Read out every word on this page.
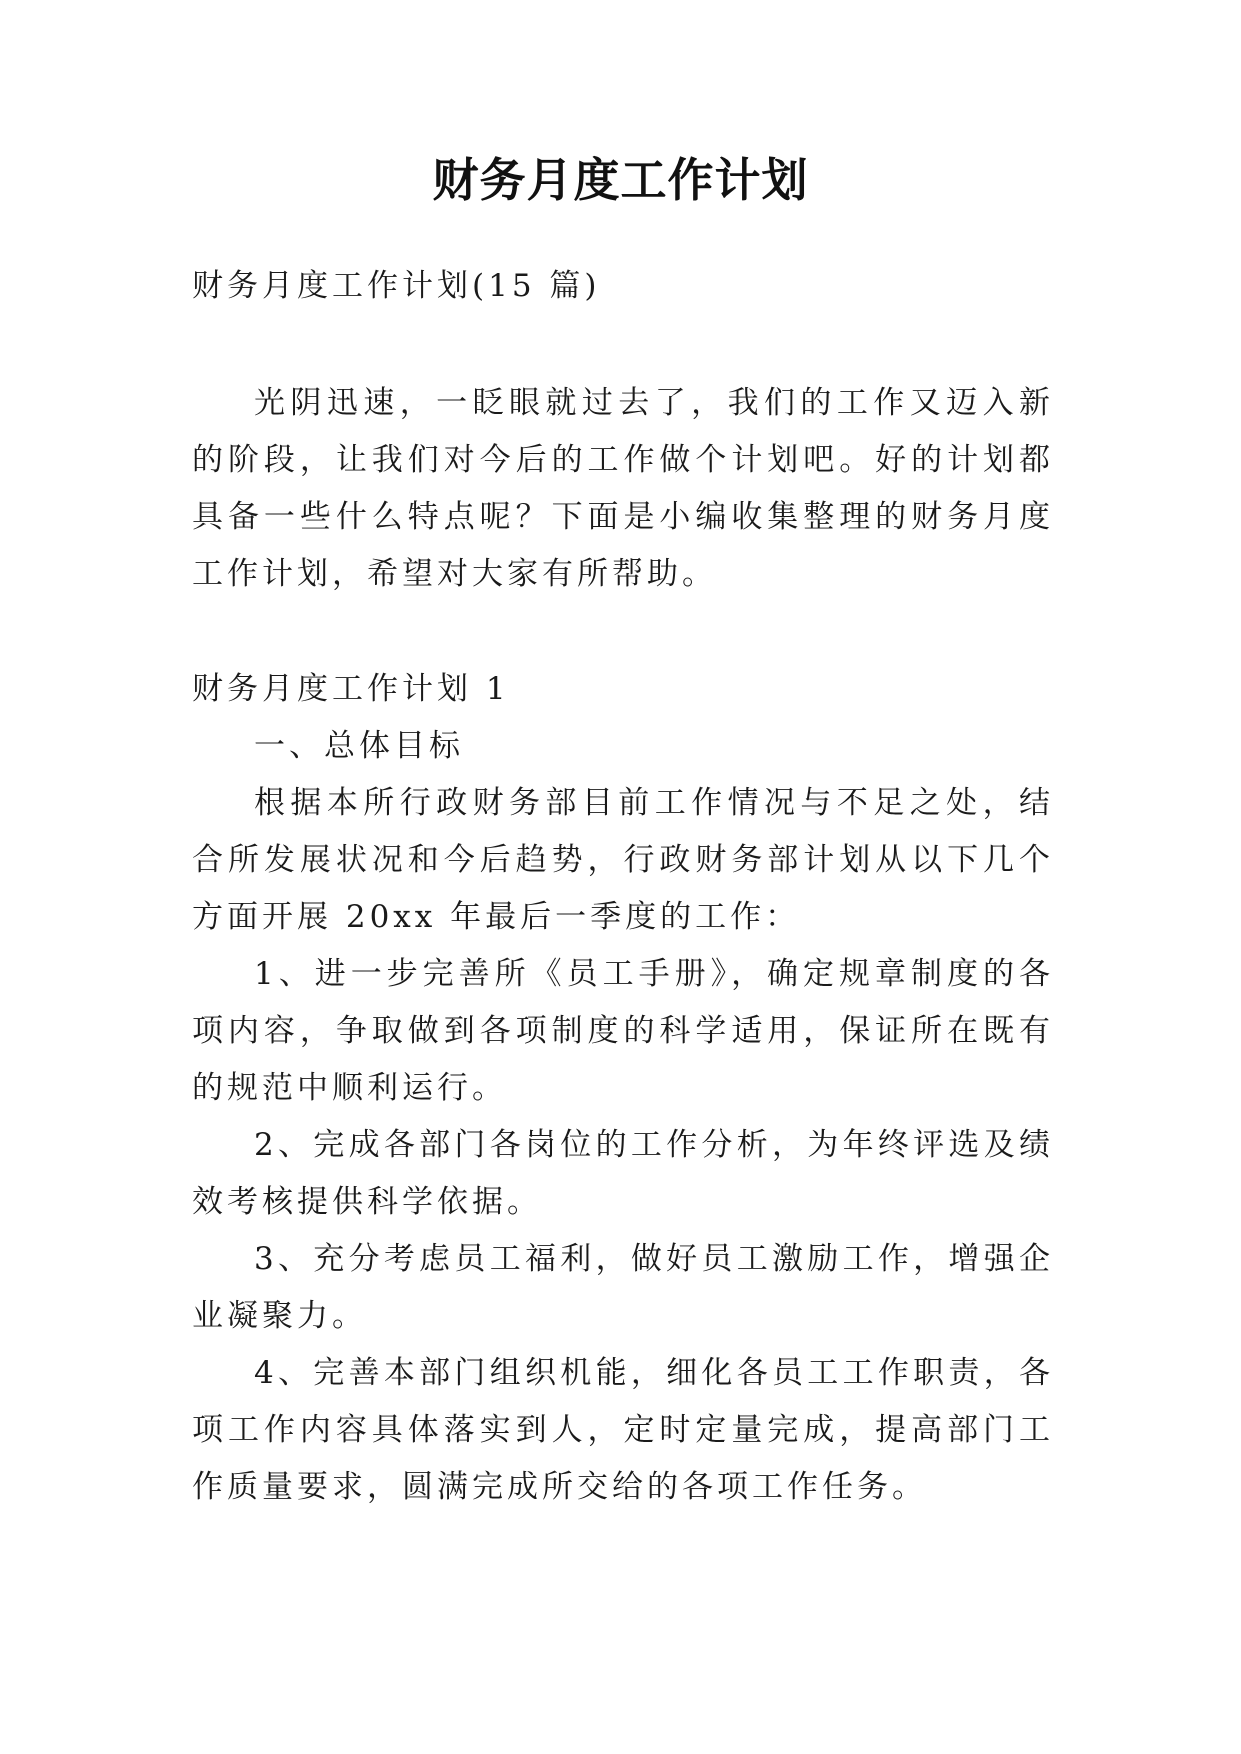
财务月度工作计划

财务月度工作计划(15 篇)

光阴迅速，一眨眼就过去了，我们的工作又迈入新的阶段，让我们对今后的工作做个计划吧。好的计划都具备一些什么特点呢？下面是小编收集整理的财务月度工作计划，希望对大家有所帮助。

财务月度工作计划 1

一、总体目标

根据本所行政财务部目前工作情况与不足之处，结合所发展状况和今后趋势，行政财务部计划从以下几个方面开展 20xx 年最后一季度的工作：

1、进一步完善所《员工手册》，确定规章制度的各项内容，争取做到各项制度的科学适用，保证所在既有的规范中顺利运行。

2、完成各部门各岗位的工作分析，为年终评选及绩效考核提供科学依据。

3、充分考虑员工福利，做好员工激励工作，增强企业凝聚力。

4、完善本部门组织机能，细化各员工工作职责，各项工作内容具体落实到人，定时定量完成，提高部门工作质量要求，圆满完成所交给的各项工作任务。
